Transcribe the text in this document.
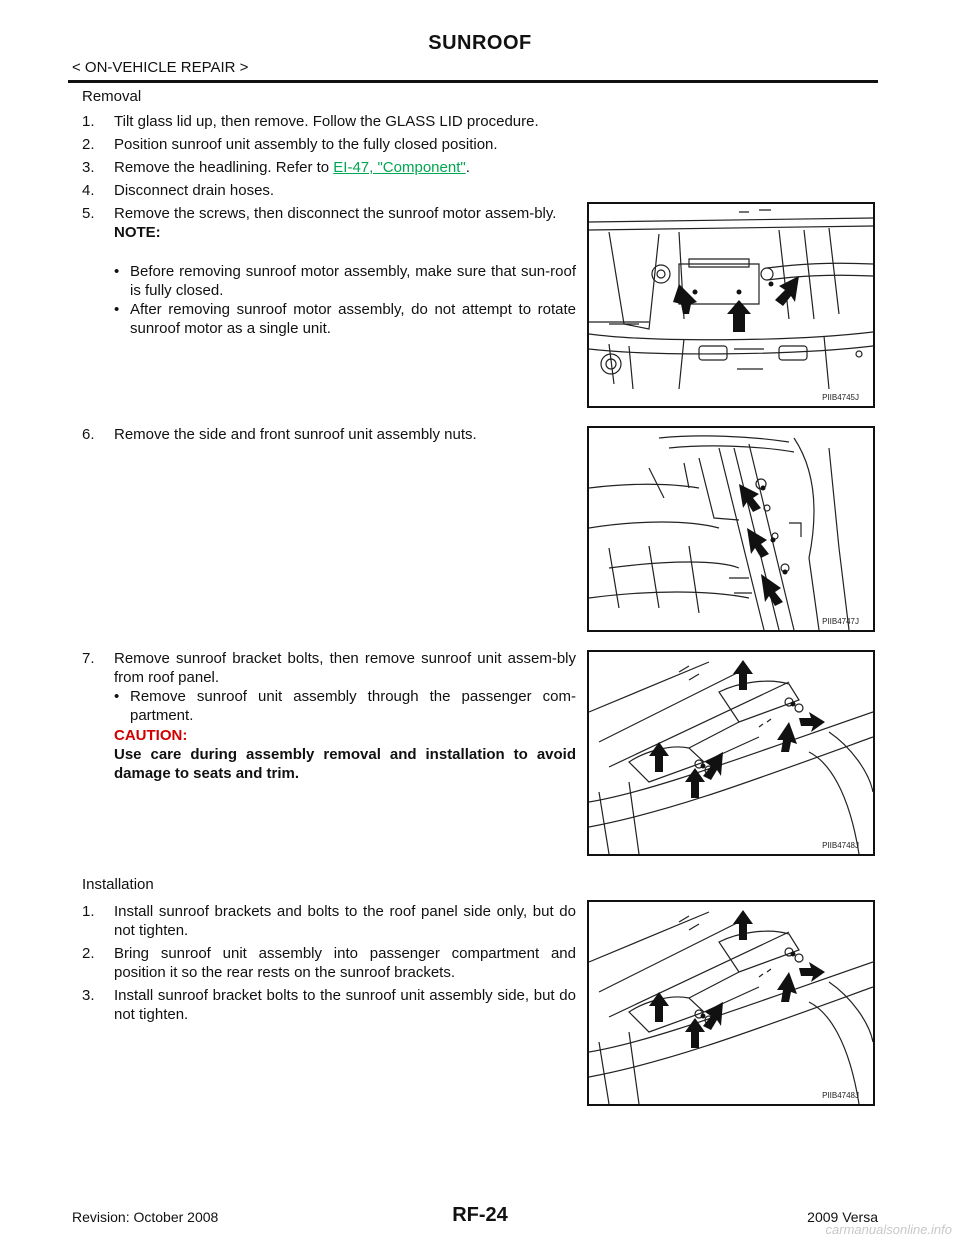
SUNROOF
< ON-VEHICLE REPAIR >
Removal
1. Tilt glass lid up, then remove. Follow the GLASS LID procedure.
2. Position sunroof unit assembly to the fully closed position.
3. Remove the headlining. Refer to EI-47, "Component".
4. Disconnect drain hoses.
5. Remove the screws, then disconnect the sunroof motor assem-bly.
NOTE:
• Before removing sunroof motor assembly, make sure that sun-roof is fully closed.
• After removing sunroof motor assembly, do not attempt to rotate sunroof motor as a single unit.
6. Remove the side and front sunroof unit assembly nuts.
7. Remove sunroof bracket bolts, then remove sunroof unit assem-bly from roof panel.
• Remove sunroof unit assembly through the passenger com-partment.
CAUTION:
Use care during assembly removal and installation to avoid damage to seats and trim.
Installation
1. Install sunroof brackets and bolts to the roof panel side only, but do not tighten.
2. Bring sunroof unit assembly into passenger compartment and position it so the rear rests on the sunroof brackets.
3. Install sunroof bracket bolts to the sunroof unit assembly side, but do not tighten.
PIIB4745J
PIIB4747J
PIIB4748J
PIIB4748J
Revision: October 2008	RF-24	2009 Versa
carmanualsonline.info
